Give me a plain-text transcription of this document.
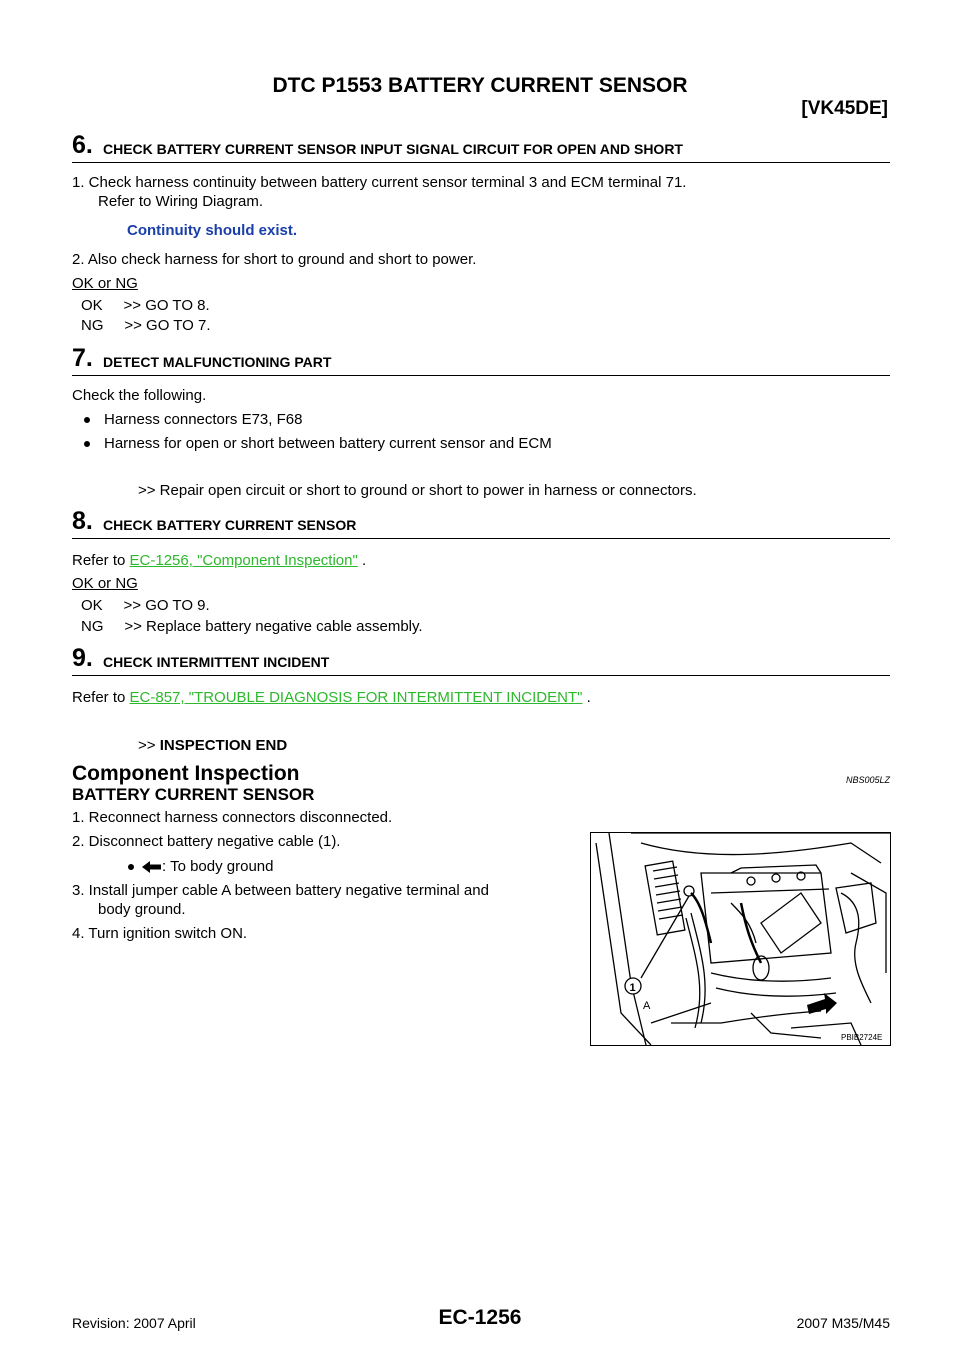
DTC P1553 BATTERY CURRENT SENSOR
[VK45DE]
6. CHECK BATTERY CURRENT SENSOR INPUT SIGNAL CIRCUIT FOR OPEN AND SHORT
1. Check harness continuity between battery current sensor terminal 3 and ECM terminal 71.
Refer to Wiring Diagram.
Continuity should exist.
2. Also check harness for short to ground and short to power.
OK or NG
OK     >> GO TO 8.
NG     >> GO TO 7.
7. DETECT MALFUNCTIONING PART
Check the following.
Harness connectors E73, F68
Harness for open or short between battery current sensor and ECM
>> Repair open circuit or short to ground or short to power in harness or connectors.
8. CHECK BATTERY CURRENT SENSOR
Refer to EC-1256, "Component Inspection" .
OK or NG
OK     >> GO TO 9.
NG     >> Replace battery negative cable assembly.
9. CHECK INTERMITTENT INCIDENT
Refer to EC-857, "TROUBLE DIAGNOSIS FOR INTERMITTENT INCIDENT" .
>> INSPECTION END
Component Inspection	NBS005LZ
BATTERY CURRENT SENSOR
1. Reconnect harness connectors disconnected.
2. Disconnect battery negative cable (1).
: To body ground
3. Install jumper cable A between battery negative terminal and
body ground.
4. Turn ignition switch ON.
1
A
PBIB2724E
Revision: 2007 April	EC-1256	2007 M35/M45
